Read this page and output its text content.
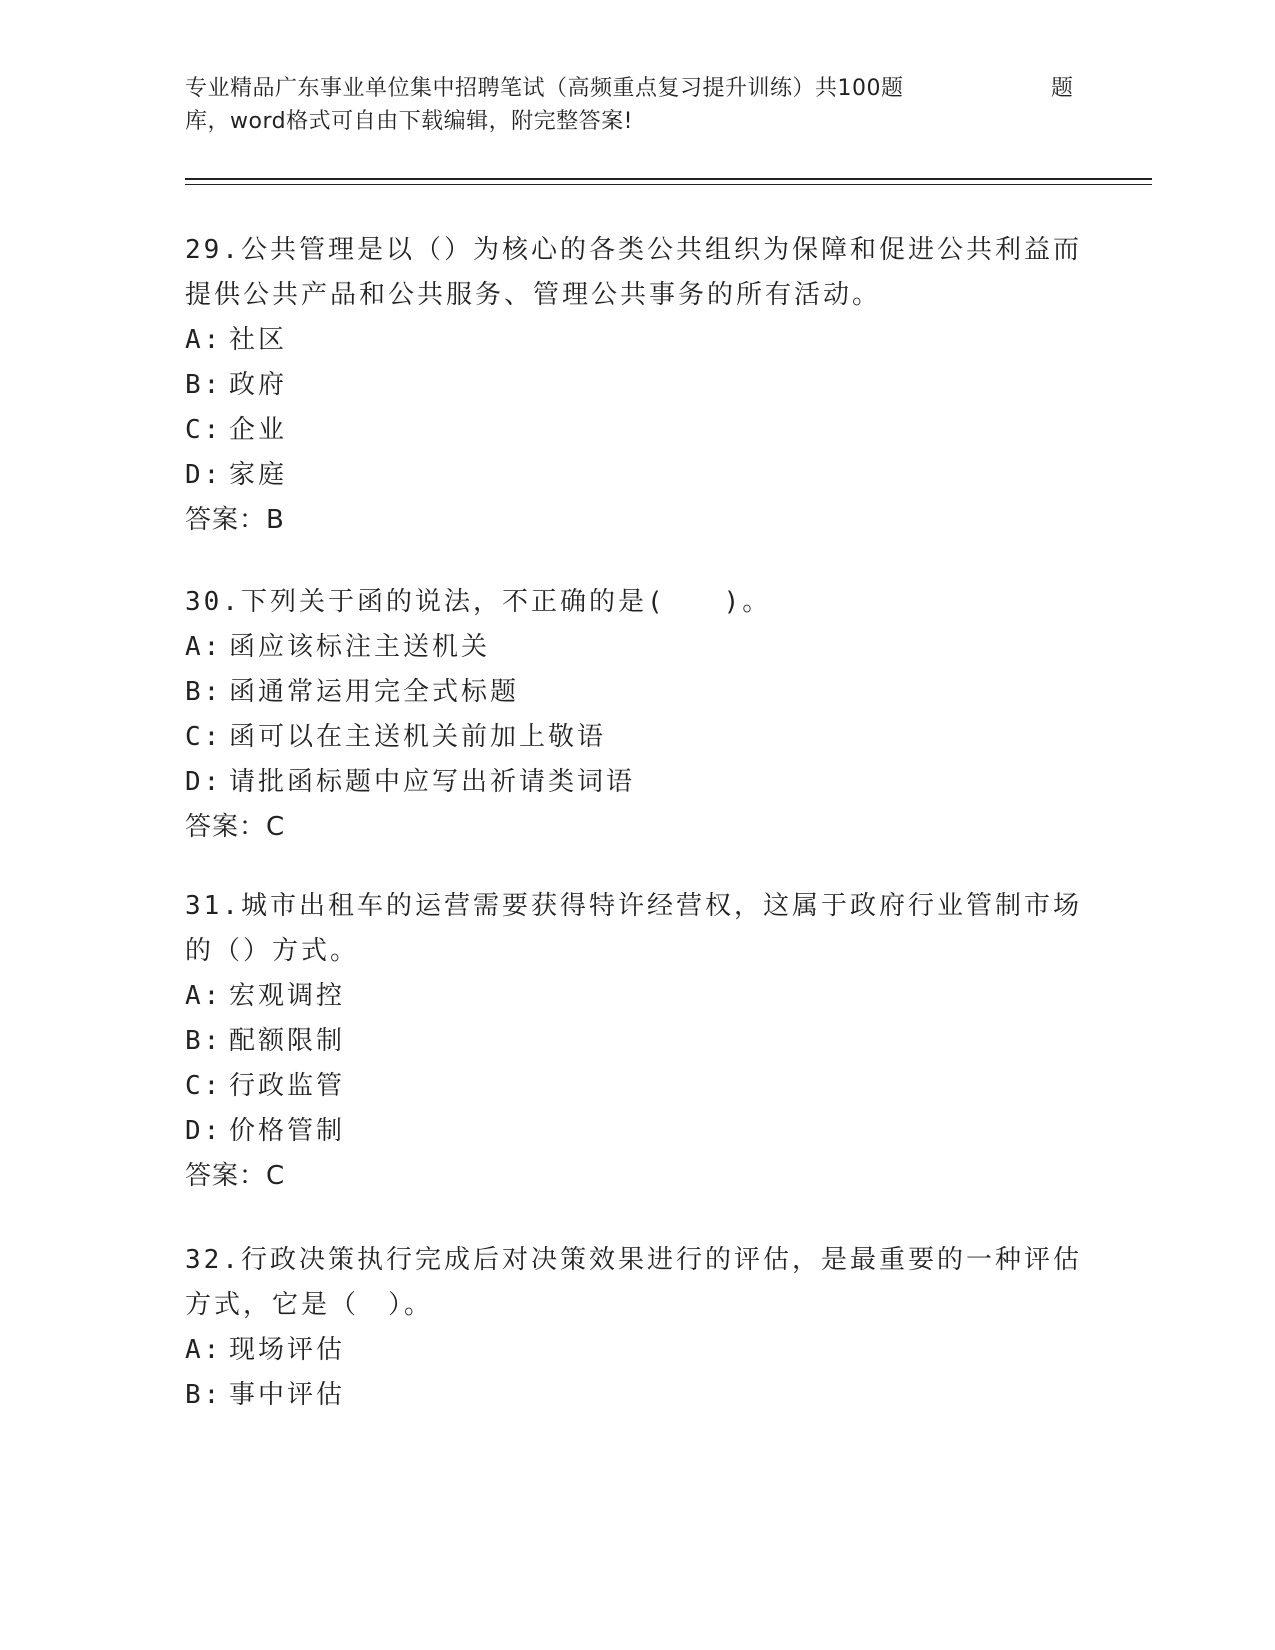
专业精品广东事业单位集中招聘笔试（高频重点复习提升训练）共100题	题
库，word格式可自由下载编辑，附完整答案!
29.公共管理是以（）为核心的各类公共组织为保障和促进公共利益而
提供公共产品和公共服务、管理公共事务的所有活动。
A: 社区
B: 政府
C: 企业
D: 家庭
答案：B
30.下列关于函的说法，不正确的是(　　)。
A: 函应该标注主送机关
B: 函通常运用完全式标题
C: 函可以在主送机关前加上敬语
D: 请批函标题中应写出祈请类词语
答案：C
31.城市出租车的运营需要获得特许经营权，这属于政府行业管制市场
的（）方式。
A: 宏观调控
B: 配额限制
C: 行政监管
D: 价格管制
答案：C
32.行政决策执行完成后对决策效果进行的评估，是最重要的一种评估
方式，它是（　）。
A: 现场评估
B: 事中评估
